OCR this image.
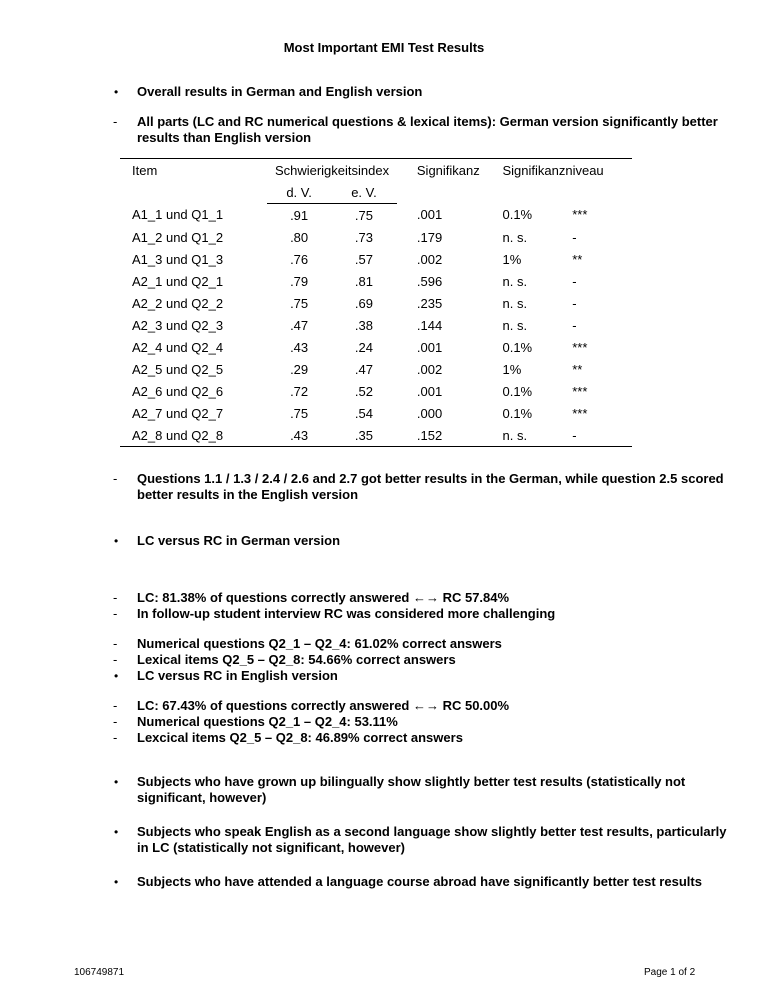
Most Important EMI Test Results
• Overall results in German and English version
- All parts (LC and RC numerical questions & lexical items): German version significantly better results than English version
Item	Schwierigkeitsindex		Signifikanz	Signifikanzniveau	
	d. V.	e. V.			
A1_1 und Q1_1	.91	.75	.001	0.1%	***
A1_2 und Q1_2	.80	.73	.179	n. s.	-
A1_3 und Q1_3	.76	.57	.002	1%	**
A2_1 und Q2_1	.79	.81	.596	n. s.	-
A2_2 und Q2_2	.75	.69	.235	n. s.	-
A2_3 und Q2_3	.47	.38	.144	n. s.	-
A2_4 und Q2_4	.43	.24	.001	0.1%	***
A2_5 und Q2_5	.29	.47	.002	1%	**
A2_6 und Q2_6	.72	.52	.001	0.1%	***
A2_7 und Q2_7	.75	.54	.000	0.1%	***
A2_8 und Q2_8	.43	.35	.152	n. s.	-
- Questions 1.1 / 1.3 / 2.4 / 2.6 and 2.7 got better results in the German, while question 2.5 scored better results in the English version
• LC versus RC in German version
- LC: 81.38% of questions correctly answered ←→ RC 57.84%
- In follow-up student interview RC was considered more challenging
- Numerical questions Q2_1 – Q2_4: 61.02% correct answers
- Lexical items Q2_5 – Q2_8: 54.66% correct answers
• LC versus RC in English version
- LC: 67.43% of questions correctly answered ←→ RC 50.00%
- Numerical questions Q2_1 – Q2_4: 53.11%
- Lexcical items Q2_5 – Q2_8: 46.89% correct answers
• Subjects who have grown up bilingually show slightly better test results (statistically not significant, however)
• Subjects who speak English as a second language show slightly better test results, particularly in LC (statistically not significant, however)
• Subjects who have attended a language course abroad have significantly better test results
106749871	Page 1 of 2
